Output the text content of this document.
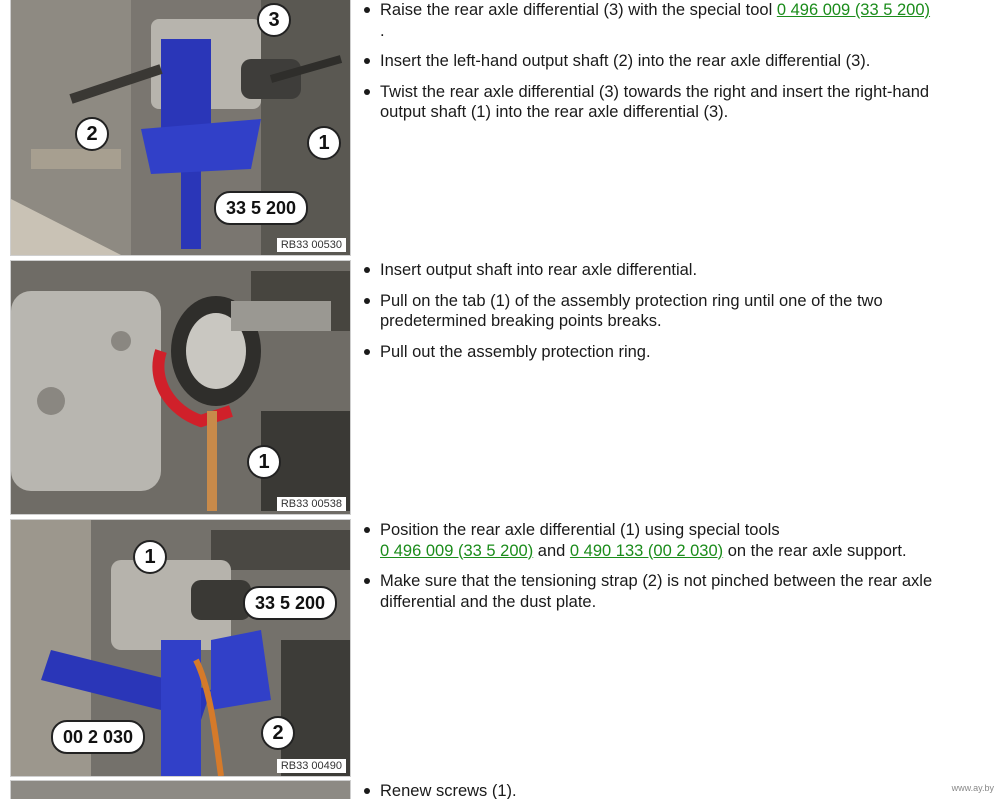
3
2	1
33 5 200
RB33 00530
Raise the rear axle differential (3) with the special tool 0 496 009 (33 5 200)
.
Insert the left-hand output shaft (2) into the rear axle differential (3).
Twist the rear axle differential (3) towards the right and insert the right-hand output shaft (1) into the rear axle differential (3).
1
RB33 00538
Insert output shaft into rear axle differential.
Pull on the tab (1) of the assembly protection ring until one of the two predetermined breaking points breaks.
Pull out the assembly protection ring.
1
33 5 200
00 2 030	2
RB33 00490
Position the rear axle differential (1) using special tools
0 496 009 (33 5 200) and 0 490 133 (00 2 030) on the rear axle support.
Make sure that the tensioning strap (2) is not pinched between the rear axle differential and the dust plate.
Renew screws (1).	www.ay.by
